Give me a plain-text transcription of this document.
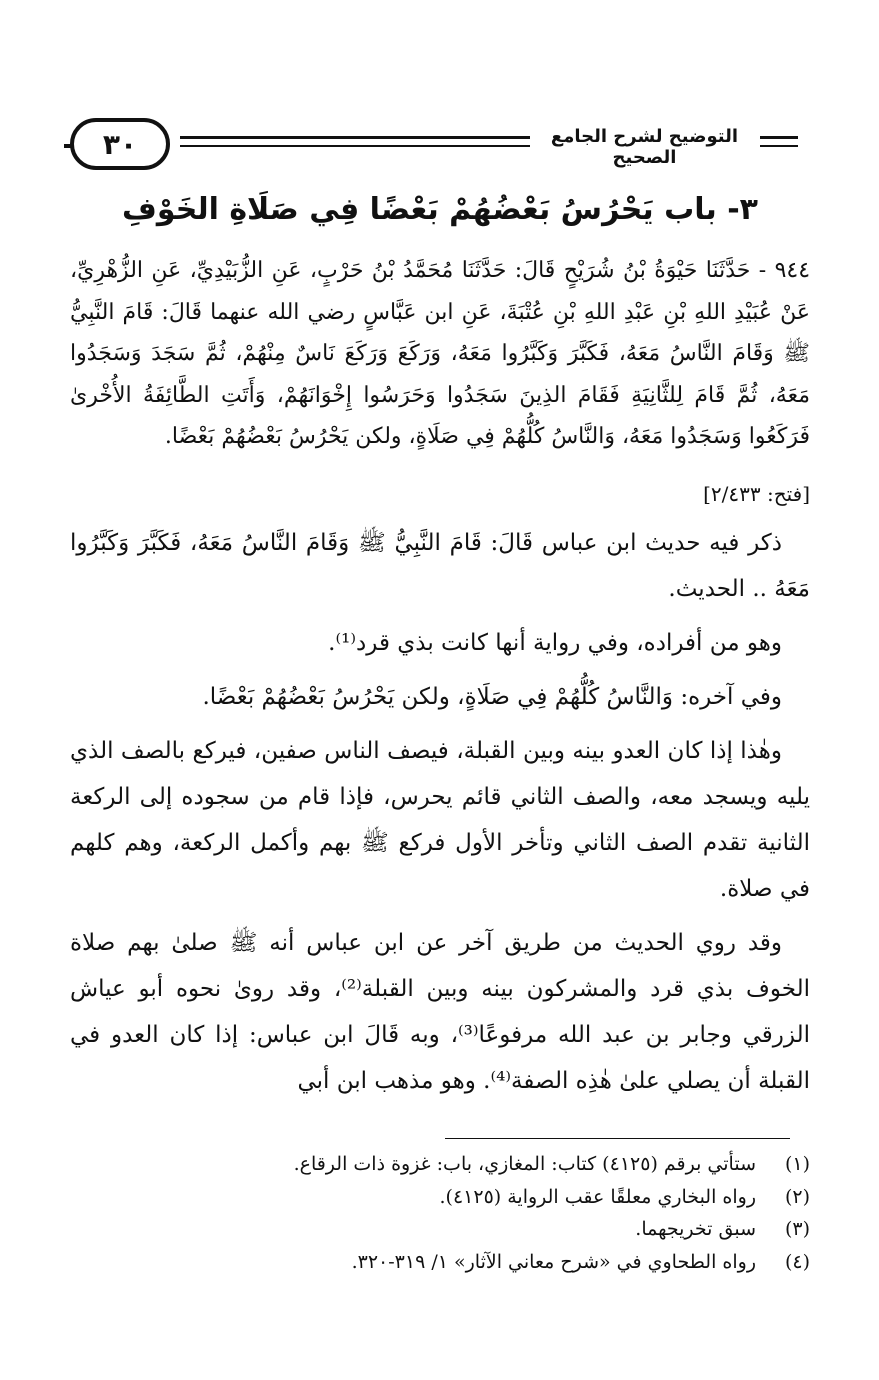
٣٠	التوضيح لشرح الجامع الصحيح
٣- باب يَحْرُسُ بَعْضُهُمْ بَعْضًا فِي صَلَاةِ الخَوْفِ
٩٤٤ - حَدَّثَنَا حَيْوَةُ بْنُ شُرَيْحٍ قَالَ: حَدَّثَنَا مُحَمَّدُ بْنُ حَرْبٍ، عَنِ الزُّبَيْدِيِّ، عَنِ الزُّهْرِيِّ، عَنْ عُبَيْدِ اللهِ بْنِ عَبْدِ اللهِ بْنِ عُتْبَةَ، عَنِ ابن عَبَّاسٍ رضي الله عنهما قَالَ: قَامَ النَّبِيُّ ﷺ وَقَامَ النَّاسُ مَعَهُ، فَكَبَّرَ وَكَبَّرُوا مَعَهُ، وَرَكَعَ وَرَكَعَ نَاسٌ مِنْهُمْ، ثُمَّ سَجَدَ وَسَجَدُوا مَعَهُ، ثُمَّ قَامَ لِلثَّانِيَةِ فَقَامَ الذِينَ سَجَدُوا وَحَرَسُوا إِخْوَانَهُمْ، وَأَتَتِ الطَّائِفَةُ الأُخْرىٰ فَرَكَعُوا وَسَجَدُوا مَعَهُ، وَالنَّاسُ كُلُّهُمْ فِي صَلَاةٍ، ولكن يَحْرُسُ بَعْضُهُمْ بَعْضًا.
[فتح: ٢/٤٣٣]

ذكر فيه حديث ابن عباس قَالَ: قَامَ النَّبِيُّ ﷺ وَقَامَ النَّاسُ مَعَهُ، فَكَبَّرَ وَكَبَّرُوا مَعَهُ .. الحديث.

وهو من أفراده، وفي رواية أنها كانت بذي قرد⁽¹⁾.

وفي آخره: وَالنَّاسُ كُلُّهُمْ فِي صَلَاةٍ، ولكن يَحْرُسُ بَعْضُهُمْ بَعْضًا.

وهٰذا إذا كان العدو بينه وبين القبلة، فيصف الناس صفين، فيركع بالصف الذي يليه ويسجد معه، والصف الثاني قائم يحرس، فإذا قام من سجوده إلى الركعة الثانية تقدم الصف الثاني وتأخر الأول فركع ﷺ بهم وأكمل الركعة، وهم كلهم في صلاة.

وقد روي الحديث من طريق آخر عن ابن عباس أنه ﷺ صلىٰ بهم صلاة الخوف بذي قرد والمشركون بينه وبين القبلة⁽²⁾، وقد روىٰ نحوه أبو عياش الزرقي وجابر بن عبد الله مرفوعًا⁽³⁾، وبه قَالَ ابن عباس: إذا كان العدو في القبلة أن يصلي علىٰ هٰذِه الصفة⁽⁴⁾. وهو مذهب ابن أبي

(١)
ستأتي برقم (٤١٢٥) كتاب: المغازي، باب: غزوة ذات الرقاع.
(٢)
رواه البخاري معلقًا عقب الرواية (٤١٢٥).
(٣)
سبق تخريجهما.
(٤)
رواه الطحاوي في «شرح معاني الآثار» ١/ ٣١٩-٣٢٠.
